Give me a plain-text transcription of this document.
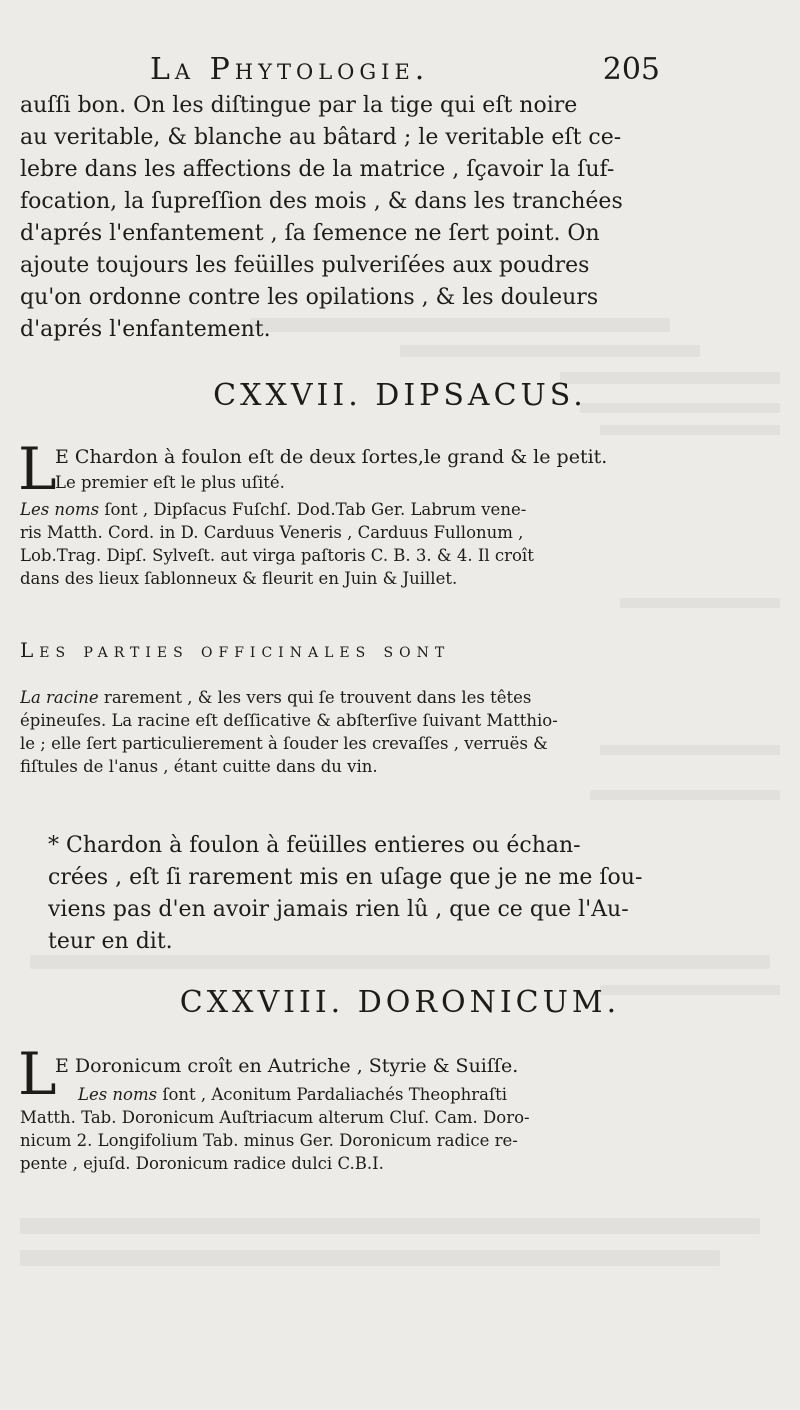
La Phytologie.	205
auſſi bon. On les diſtingue par la tige qui eſt noire
au veritable, & blanche au bâtard ; le veritable eſt ce-
lebre dans les affections de la matrice , ſçavoir la ſuf-
focation, la ſupreſſion des mois , & dans les tranchées
d'aprés l'enfantement , ſa ſemence ne ſert point. On
ajoute toujours les feüilles pulveriſées aux poudres
qu'on ordonne contre les opilations , & les douleurs
d'aprés l'enfantement.
CXXVII. DIPSACUS.
L
E Chardon à foulon eſt de deux ſortes,le grand & le petit.
Le premier eſt le plus uſité.
Les noms ſont , Dipſacus Fuſchſ. Dod.Tab Ger. Labrum vene-
ris Matth. Cord. in D. Carduus Veneris , Carduus Fullonum ,
Lob.Trag. Dipſ. Sylveſt. aut virga paſtoris C. B. 3. & 4. Il croît
dans des lieux ſablonneux & fleurit en Juin & Juillet.
Les parties officinales sont
La racine rarement , & les vers qui ſe trouvent dans les têtes
épineuſes. La racine eſt deſſicative & abſterſive ſuivant Matthio-
le ; elle ſert particulierement à ſouder les crevaſſes , verruës &
fiſtules de l'anus , étant cuitte dans du vin.
* Chardon à foulon à feüilles entieres ou échan-
crées , eſt ſi rarement mis en uſage que je ne me ſou-
viens pas d'en avoir jamais rien lû , que ce que l'Au-
teur en dit.
CXXVIII. DORONICUM.
L
E Doronicum croît en Autriche , Styrie & Suiſſe.
Les noms ſont , Aconitum Pardaliachés Theophraſti
Matth. Tab. Doronicum Auſtriacum alterum Cluſ. Cam. Doro-
nicum 2. Longifolium Tab. minus Ger. Doronicum radice re-
pente , ejuſd. Doronicum radice dulci C.B.I.
